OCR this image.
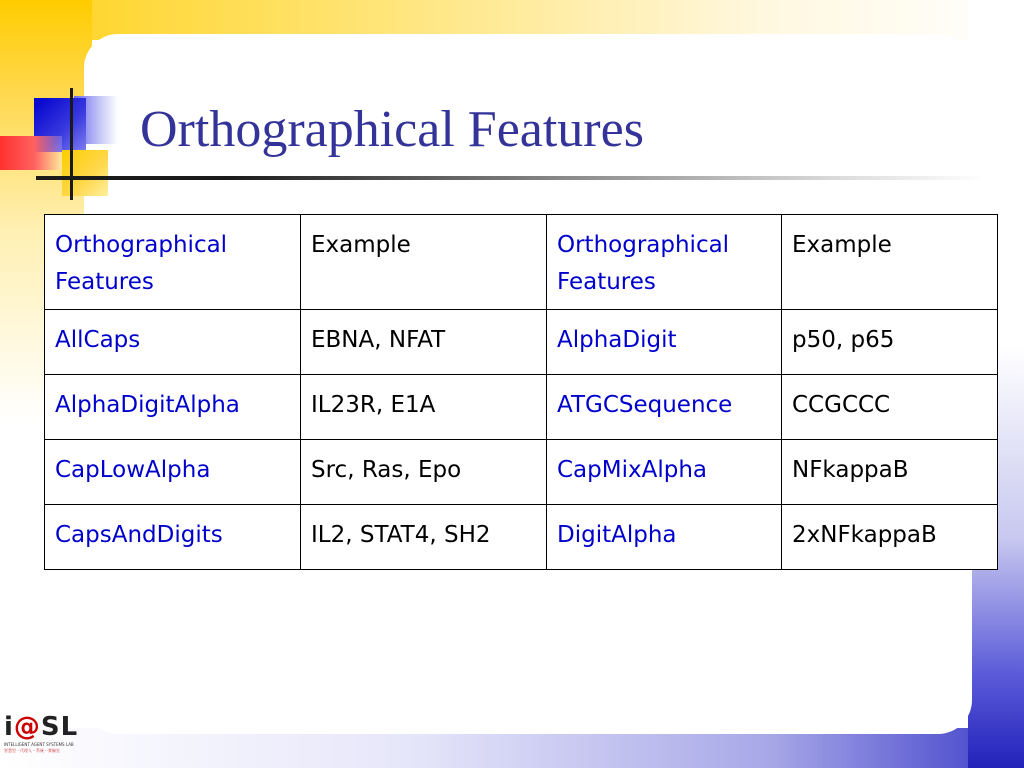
Orthographical Features
Orthographical Features	Example	Orthographical Features	Example
AllCaps	EBNA, NFAT	AlphaDigit	p50, p65
AlphaDigitAlpha	IL23R, E1A	ATGCSequence	CCGCCC
CapLowAlpha	Src, Ras, Epo	CapMixAlpha	NFkappaB
CapsAndDigits	IL2, STAT4, SH2	DigitAlpha	2xNFkappaB
i@SL
INTELLIGENT AGENT SYSTEMS LAB
智慧型・代理人・系統・實驗室
